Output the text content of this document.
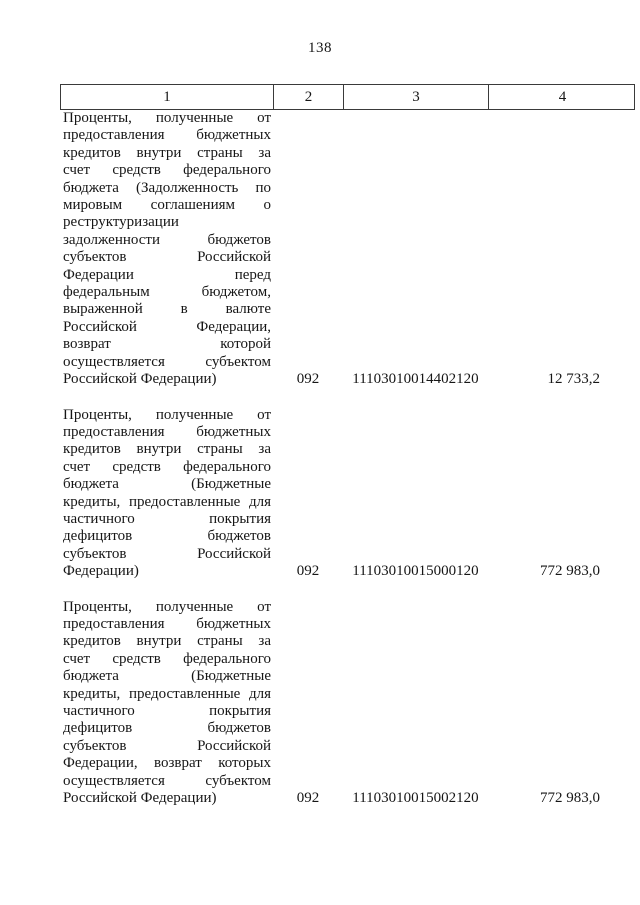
138
1	2	3	4
Проценты, полученные от
предоставления бюджетных
кредитов внутри страны за
счет средств федерального
бюджета (Задолженность по
мировым соглашениям о
реструктуризации
задолженности бюджетов
субъектов Российской
Федерации перед
федеральным бюджетом,
выраженной в валюте
Российской Федерации,
возврат которой
осуществляется субъектом
Российской Федерации)	092	11103010014402120	12 733,2
Проценты, полученные от
предоставления бюджетных
кредитов внутри страны за
счет средств федерального
бюджета (Бюджетные
кредиты, предоставленные для
частичного покрытия
дефицитов бюджетов
субъектов Российской
Федерации)	092	11103010015000120	772 983,0
Проценты, полученные от
предоставления бюджетных
кредитов внутри страны за
счет средств федерального
бюджета (Бюджетные
кредиты, предоставленные для
частичного покрытия
дефицитов бюджетов
субъектов Российской
Федерации, возврат которых
осуществляется субъектом
Российской Федерации)	092	11103010015002120	772 983,0
